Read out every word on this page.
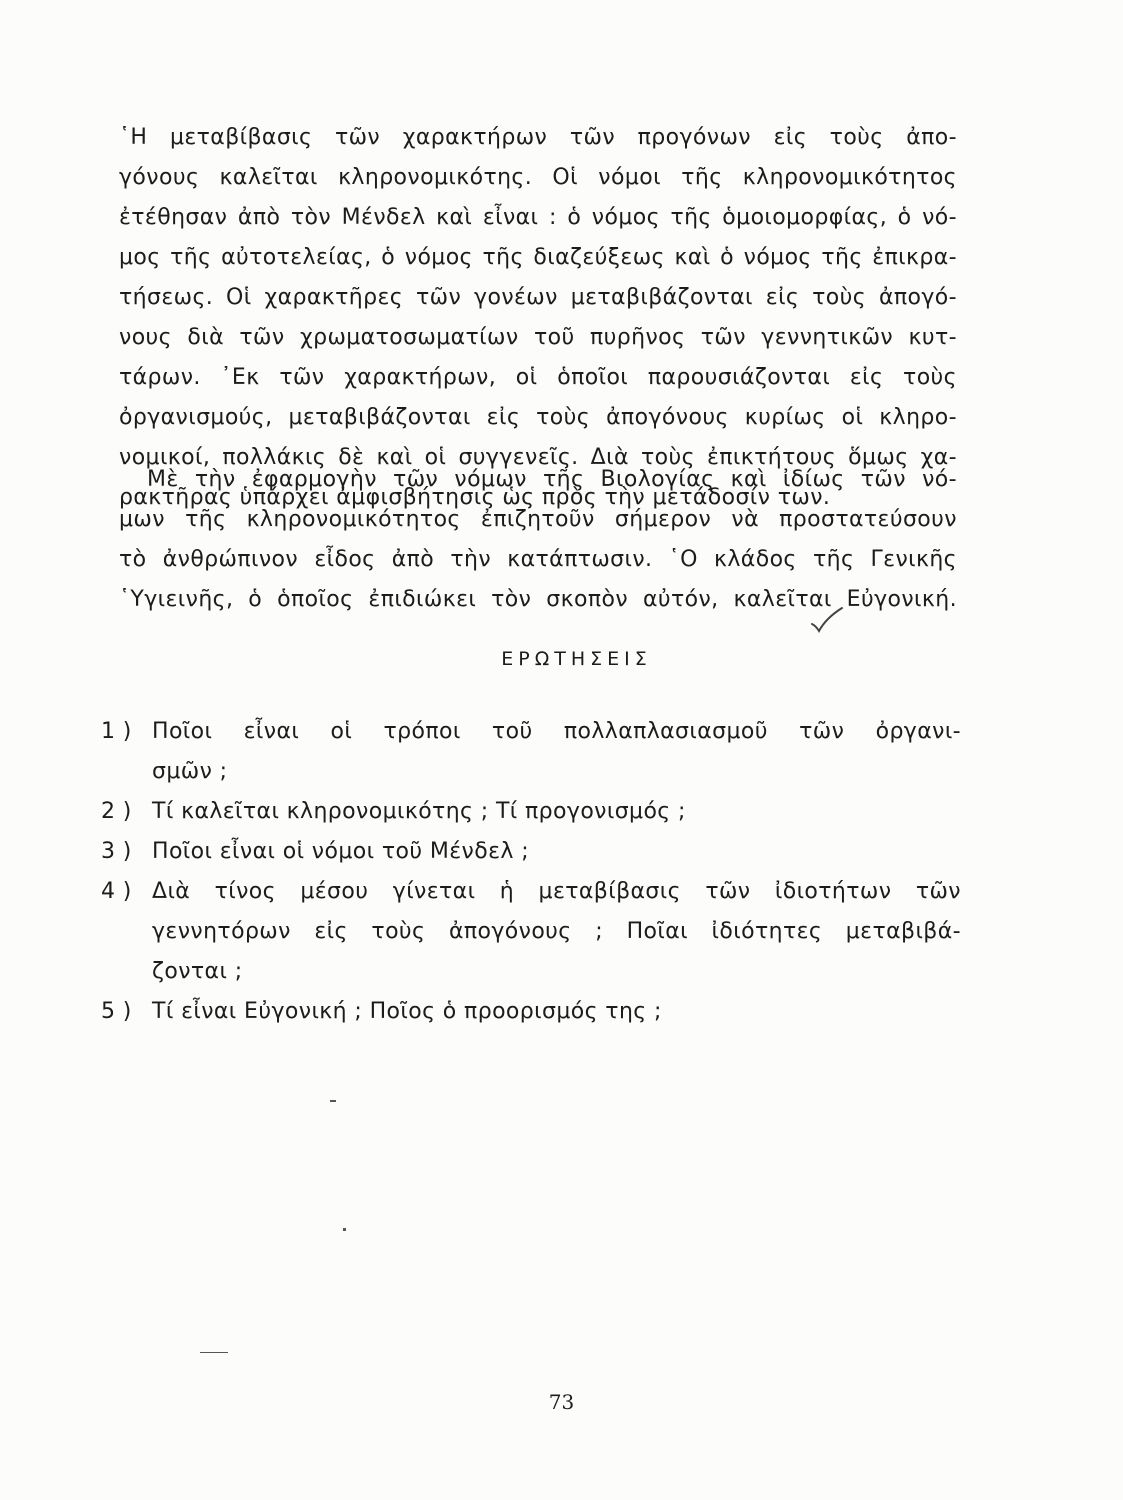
῾Η μεταβίβασις τῶν χαρακτήρων τῶν προγόνων εἰς τοὺς ἀπο-
γόνους καλεῖται κληρονομικότης. Οἱ νόμοι τῆς κληρονομικότητος
ἐτέθησαν ἀπὸ τὸν Μένδελ καὶ εἶναι : ὁ νόμος τῆς ὁμοιομορφίας, ὁ νό-
μος τῆς αὐτοτελείας, ὁ νόμος τῆς διαζεύξεως καὶ ὁ νόμος τῆς ἐπικρα-
τήσεως. Οἱ χαρακτῆρες τῶν γονέων μεταβιβάζονται εἰς τοὺς ἀπογό-
νους διὰ τῶν χρωματοσωματίων τοῦ πυρῆνος τῶν γεννητικῶν κυτ-
τάρων. ᾽Εκ τῶν χαρακτήρων, οἱ ὁποῖοι παρουσιάζονται εἰς τοὺς
ὀργανισμούς, μεταβιβάζονται εἰς τοὺς ἀπογόνους κυρίως οἱ κληρο-
νομικοί, πολλάκις δὲ καὶ οἱ συγγενεῖς. Διὰ τοὺς ἐπικτήτους ὅμως χα-
ρακτῆρας ὑπάρχει ἀμφισβήτησις ὡς πρὸς τὴν μετάδοσίν των.
Μὲ τὴν ἐφαρμογὴν τῶν νόμων τῆς Βιολογίας καὶ ἰδίως τῶν νό-
μων τῆς κληρονομικότητος ἐπιζητοῦν σήμερον νὰ προστατεύσουν
τὸ ἀνθρώπινον εἶδος ἀπὸ τὴν κατάπτωσιν. ῾Ο κλάδος τῆς Γενικῆς
῾Υγιεινῆς, ὁ ὁποῖος ἐπιδιώκει τὸν σκοπὸν αὐτόν, καλεῖται Εὐγονική.
ΕΡΩΤΗΣΕΙΣ
1 ) Ποῖοι εἶναι οἱ τρόποι τοῦ πολλαπλασιασμοῦ τῶν ὀργανι-
σμῶν ;
2 ) Τί καλεῖται κληρονομικότης ; Τί προγονισμός ;
3 ) Ποῖοι εἶναι οἱ νόμοι τοῦ Μένδελ ;
4 ) Διὰ τίνος μέσου γίνεται ἡ μεταβίβασις τῶν ἰδιοτήτων τῶν
γεννητόρων εἰς τοὺς ἀπογόνους ; Ποῖαι ἰδιότητες μεταβιβά-
ζονται ;
5 ) Τί εἶναι Εὐγονική ; Ποῖος ὁ προορισμός της ;
73
